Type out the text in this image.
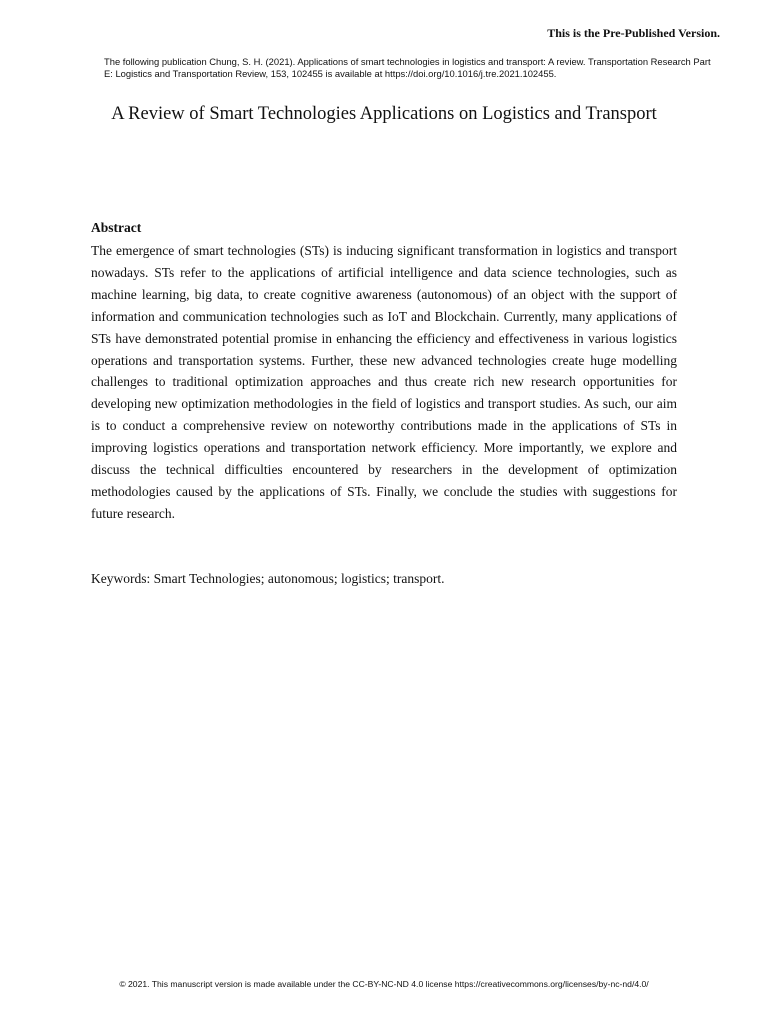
This is the Pre-Published Version.
The following publication Chung, S. H. (2021). Applications of smart technologies in logistics and transport: A review. Transportation Research Part E: Logistics and Transportation Review, 153, 102455 is available at https://doi.org/10.1016/j.tre.2021.102455.
A Review of Smart Technologies Applications on Logistics and Transport
Abstract

The emergence of smart technologies (STs) is inducing significant transformation in logistics and transport nowadays. STs refer to the applications of artificial intelligence and data science technologies, such as machine learning, big data, to create cognitive awareness (autonomous) of an object with the support of information and communication technologies such as IoT and Blockchain. Currently, many applications of STs have demonstrated potential promise in enhancing the efficiency and effectiveness in various logistics operations and transportation systems. Further, these new advanced technologies create huge modelling challenges to traditional optimization approaches and thus create rich new research opportunities for developing new optimization methodologies in the field of logistics and transport studies. As such, our aim is to conduct a comprehensive review on noteworthy contributions made in the applications of STs in improving logistics operations and transportation network efficiency. More importantly, we explore and discuss the technical difficulties encountered by researchers in the development of optimization methodologies caused by the applications of STs. Finally, we conclude the studies with suggestions for future research.

Keywords: Smart Technologies; autonomous; logistics; transport.
© 2021. This manuscript version is made available under the CC-BY-NC-ND 4.0 license https://creativecommons.org/licenses/by-nc-nd/4.0/
